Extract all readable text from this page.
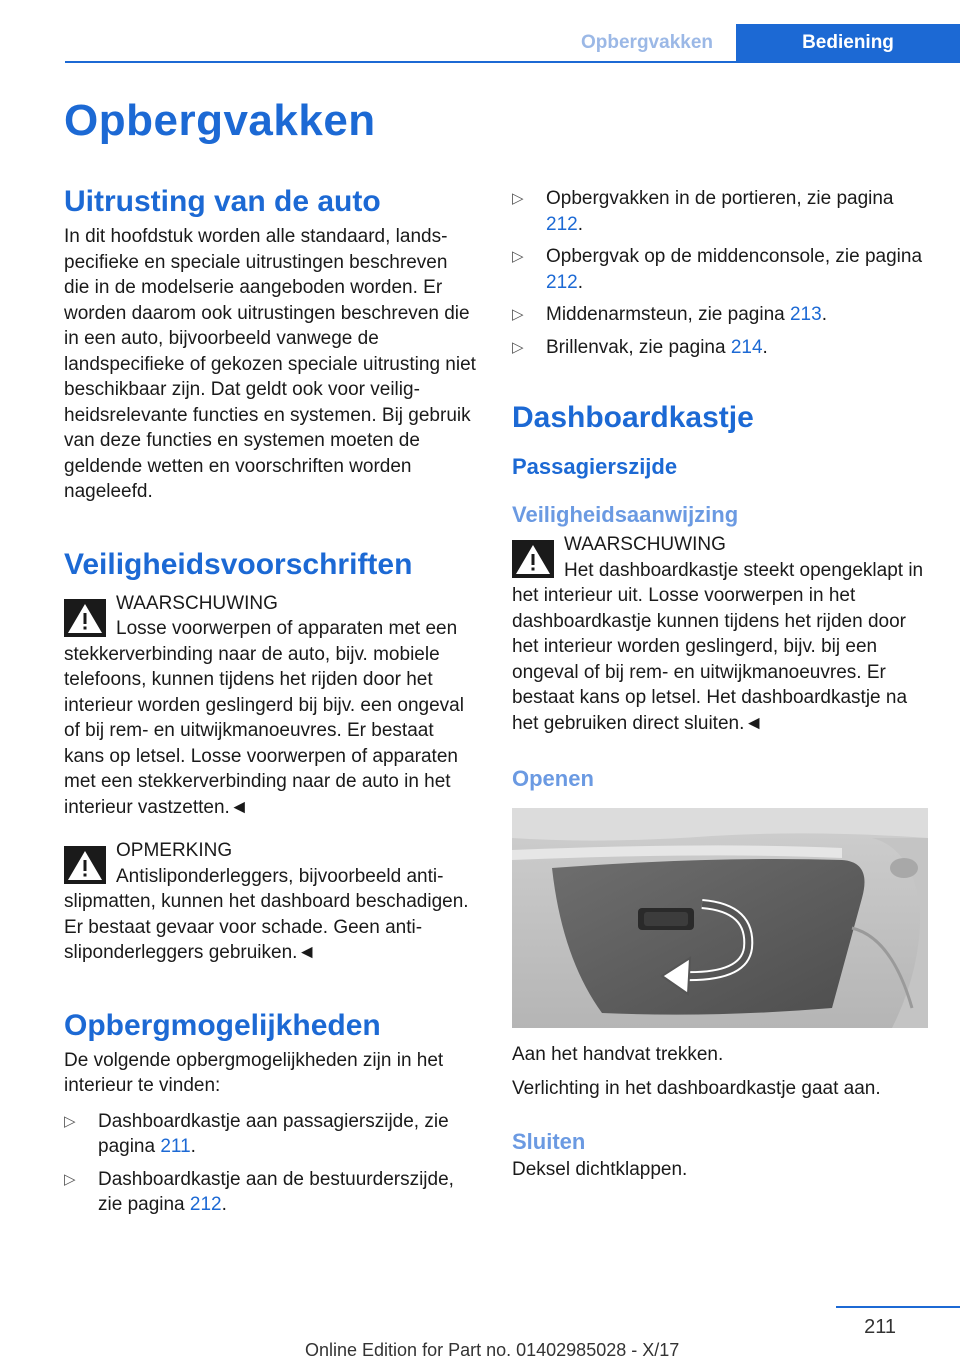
Opbergvakken	Bediening
Opbergvakken
Uitrusting van de auto

In dit hoofdstuk worden alle standaard, landspecifieke en speciale uitrustingen beschreven die in de modelserie aangeboden worden. Er worden daarom ook uitrustingen beschreven die in een auto, bijvoorbeeld vanwege de landspecifieke of gekozen speciale uitrusting niet beschikbaar zijn. Dat geldt ook voor veiligheidsrelevante functies en systemen. Bij gebruik van deze functies en systemen moeten de geldende wetten en voorschriften worden nageleefd.

Veiligheidsvoorschriften
WAARSCHUWING
Losse voorwerpen of apparaten met een stekkerverbinding naar de auto, bijv. mobiele telefoons, kunnen tijdens het rijden door het interieur worden geslingerd bij bijv. een ongeval of bij rem- en uitwijkmanoeuvres. Er bestaat kans op letsel. Losse voorwerpen of apparaten met een stekkerverbinding naar de auto in het interieur vastzetten.◄
OPMERKING
Antisliponderleggers, bijvoorbeeld antislipmatten, kunnen het dashboard beschadigen. Er bestaat gevaar voor schade. Geen antisliponderleggers gebruiken.◄
Opbergmogelijkheden

De volgende opbergmogelijkheden zijn in het interieur te vinden:

▷ Dashboardkastje aan passagierszijde, zie pagina 211.
▷ Dashboardkastje aan de bestuurderszijde, zie pagina 212.
▷ Opbergvakken in de portieren, zie pagina 212.
▷ Opbergvak op de middenconsole, zie pagina 212.
▷ Middenarmsteun, zie pagina 213.
▷ Brillenvak, zie pagina 214.
Dashboardkastje
Passagierszijde
Veiligheidsaanwijzing
WAARSCHUWING
Het dashboardkastje steekt opengeklapt in het interieur uit. Losse voorwerpen in het dashboardkastje kunnen tijdens het rijden door het interieur worden geslingerd, bijv. bij een ongeval of bij rem- en uitwijkmanoeuvres. Er bestaat kans op letsel. Het dashboardkastje na het gebruiken direct sluiten.◄
Openen

Aan het handvat trekken.

Verlichting in het dashboardkastje gaat aan.

Sluiten

Deksel dichtklappen.

211
Online Edition for Part no. 01402985028 - X/17
